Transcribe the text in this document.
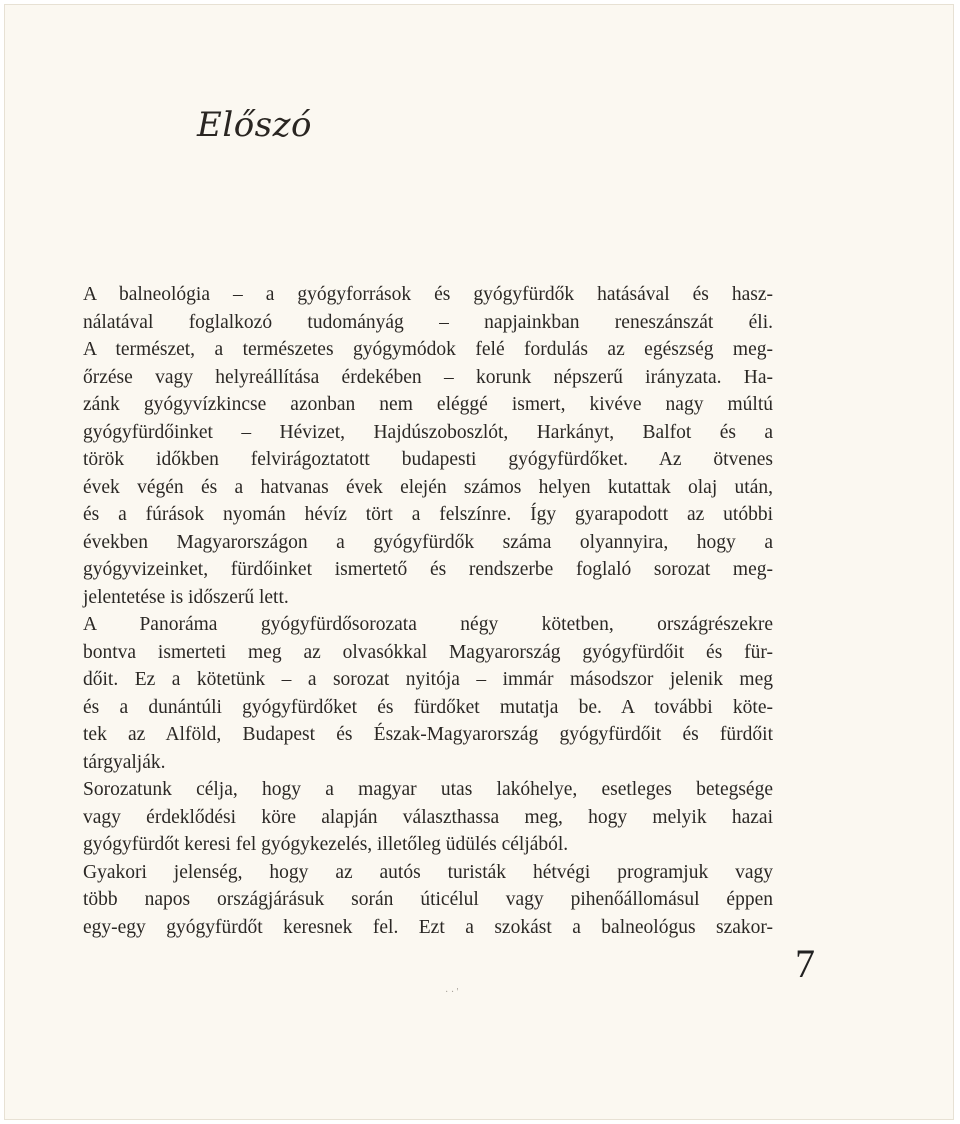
Előszó
A balneológia – a gyógyforrások és gyógyfürdők hatásával és hasz-
nálatával foglalkozó tudományág – napjainkban reneszánszát éli.
A természet, a természetes gyógymódok felé fordulás az egészség meg-
őrzése vagy helyreállítása érdekében – korunk népszerű irányzata. Ha-
zánk gyógyvízkincse azonban nem eléggé ismert, kivéve nagy múltú
gyógyfürdőinket – Hévizet, Hajdúszoboszlót, Harkányt, Balfot és a
török időkben felvirágoztatott budapesti gyógyfürdőket. Az ötvenes
évek végén és a hatvanas évek elején számos helyen kutattak olaj után,
és a fúrások nyomán hévíz tört a felszínre. Így gyarapodott az utóbbi
években Magyarországon a gyógyfürdők száma olyannyira, hogy a
gyógyvizeinket, fürdőinket ismertető és rendszerbe foglaló sorozat meg-
jelentetése is időszerű lett.
A Panoráma gyógyfürdősorozata négy kötetben, országrészekre
bontva ismerteti meg az olvasókkal Magyarország gyógyfürdőit és für-
dőit. Ez a kötetünk – a sorozat nyitója – immár másodszor jelenik meg
és a dunántúli gyógyfürdőket és fürdőket mutatja be. A további köte-
tek az Alföld, Budapest és Észak-Magyarország gyógyfürdőit és fürdőit
tárgyalják.
Sorozatunk célja, hogy a magyar utas lakóhelye, esetleges betegsége
vagy érdeklődési köre alapján választhassa meg, hogy melyik hazai
gyógyfürdőt keresi fel gyógykezelés, illetőleg üdülés céljából.
Gyakori jelenség, hogy az autós turisták hétvégi programjuk vagy
több napos országjárásuk során úticélul vagy pihenőállomásul éppen
egy-egy gyógyfürdőt keresnek fel. Ezt a szokást a balneológus szakor-
7
· · '
